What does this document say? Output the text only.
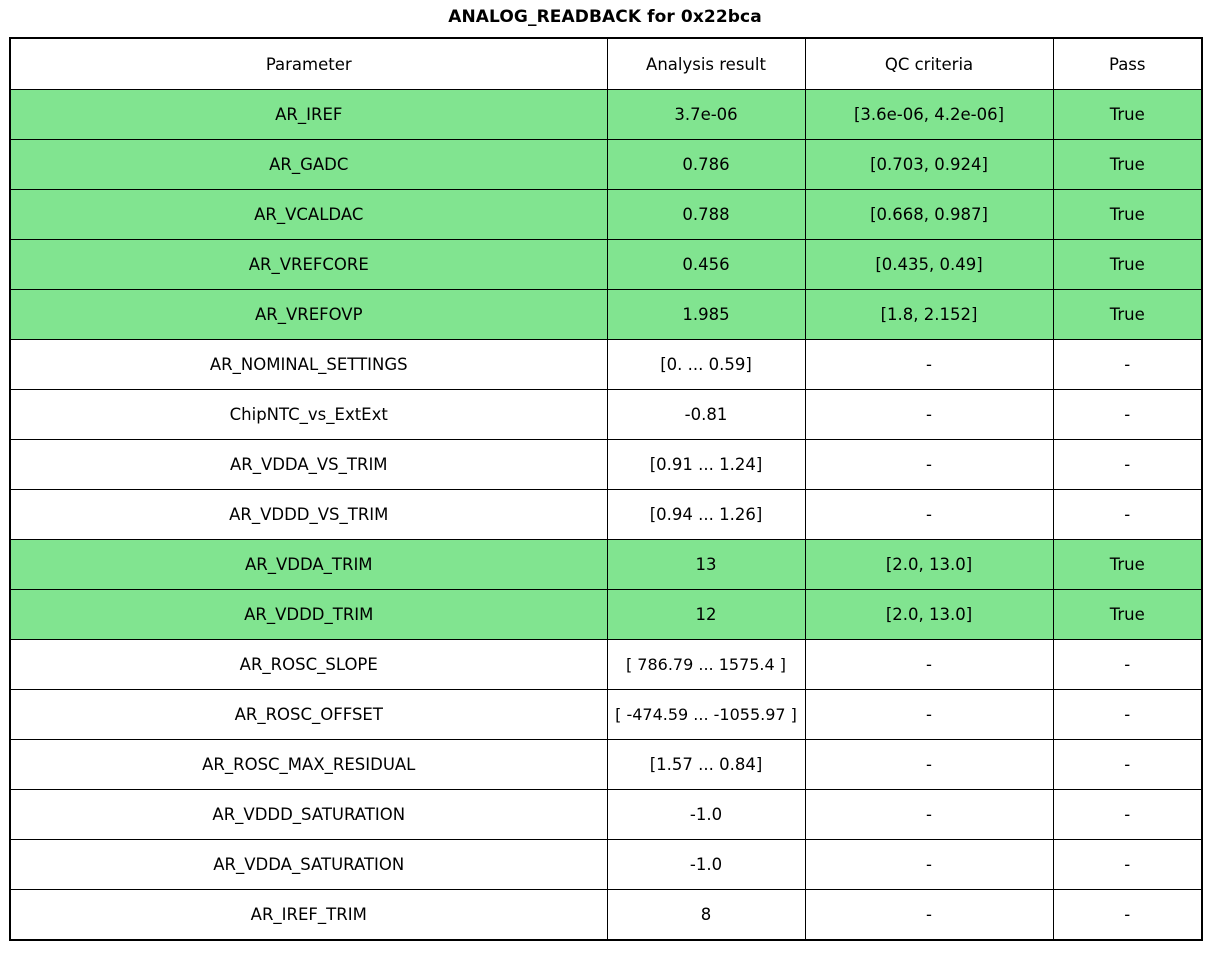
ANALOG_READBACK for 0x22bca
Parameter	Analysis result	QC criteria	Pass
AR_IREF	3.7e-06	[3.6e-06, 4.2e-06]	True
AR_GADC	0.786	[0.703, 0.924]	True
AR_VCALDAC	0.788	[0.668, 0.987]	True
AR_VREFCORE	0.456	[0.435, 0.49]	True
AR_VREFOVP	1.985	[1.8, 2.152]	True
AR_NOMINAL_SETTINGS	[0. ... 0.59]	-	-
ChipNTC_vs_ExtExt	-0.81	-	-
AR_VDDA_VS_TRIM	[0.91 ... 1.24]	-	-
AR_VDDD_VS_TRIM	[0.94 ... 1.26]	-	-
AR_VDDA_TRIM	13	[2.0, 13.0]	True
AR_VDDD_TRIM	12	[2.0, 13.0]	True
AR_ROSC_SLOPE	[ 786.79 ... 1575.4 ]	-	-
AR_ROSC_OFFSET	[ -474.59 ... -1055.97 ]	-	-
AR_ROSC_MAX_RESIDUAL	[1.57 ... 0.84]	-	-
AR_VDDD_SATURATION	-1.0	-	-
AR_VDDA_SATURATION	-1.0	-	-
AR_IREF_TRIM	8	-	-
